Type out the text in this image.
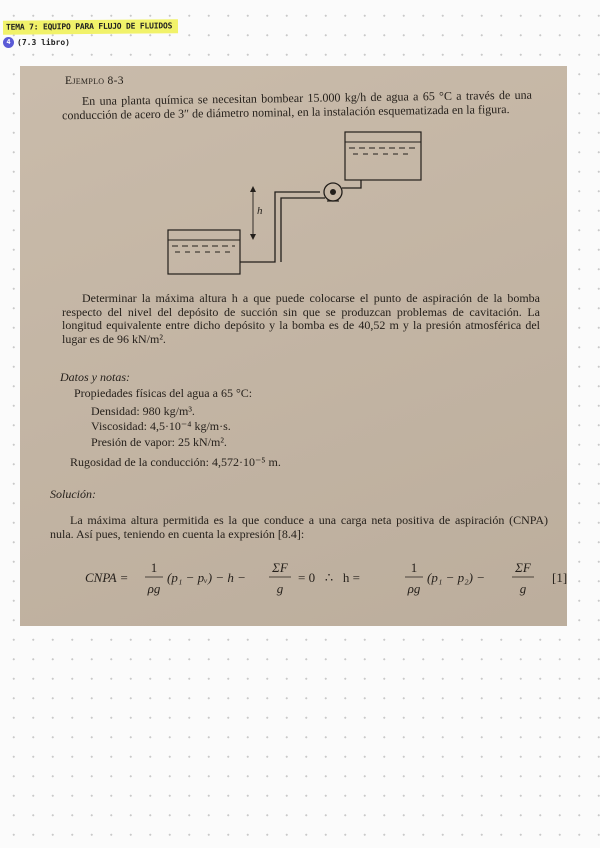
TEMA 7: EQUIPO PARA FLUJO DE FLUIDOS
4 (7.3 libro)
Ejemplo 8-3
En una planta química se necesitan bombear 15.000 kg/h de agua a 65 °C a través de una conducción de acero de 3″ de diámetro nominal, en la instalación esquematizada en la figura.
h
Determinar la máxima altura h a que puede colocarse el punto de aspiración de la bomba respecto del nivel del depósito de succión sin que se produzcan problemas de cavitación. La longitud equivalente entre dicho depósito y la bomba es de 40,52 m y la presión atmosférica del lugar es de 96 kN/m².
Datos y notas:
Propiedades físicas del agua a 65 °C:
Densidad: 980 kg/m³.
Viscosidad: 4,5·10⁻⁴ kg/m·s.
Presión de vapor: 25 kN/m².
Rugosidad de la conducción: 4,572·10⁻⁵ m.
Solución:
La máxima altura permitida es la que conduce a una carga neta positiva de aspiración (CNPA) nula. Así pues, teniendo en cuenta la expresión [8.4]:
CNPA =
1
ρg
(p₁ − pᵥ) − h −
ΣF
g
= 0   ∴   h =
1
ρg
(p₁ − p₂) −
ΣF
g
[1]
